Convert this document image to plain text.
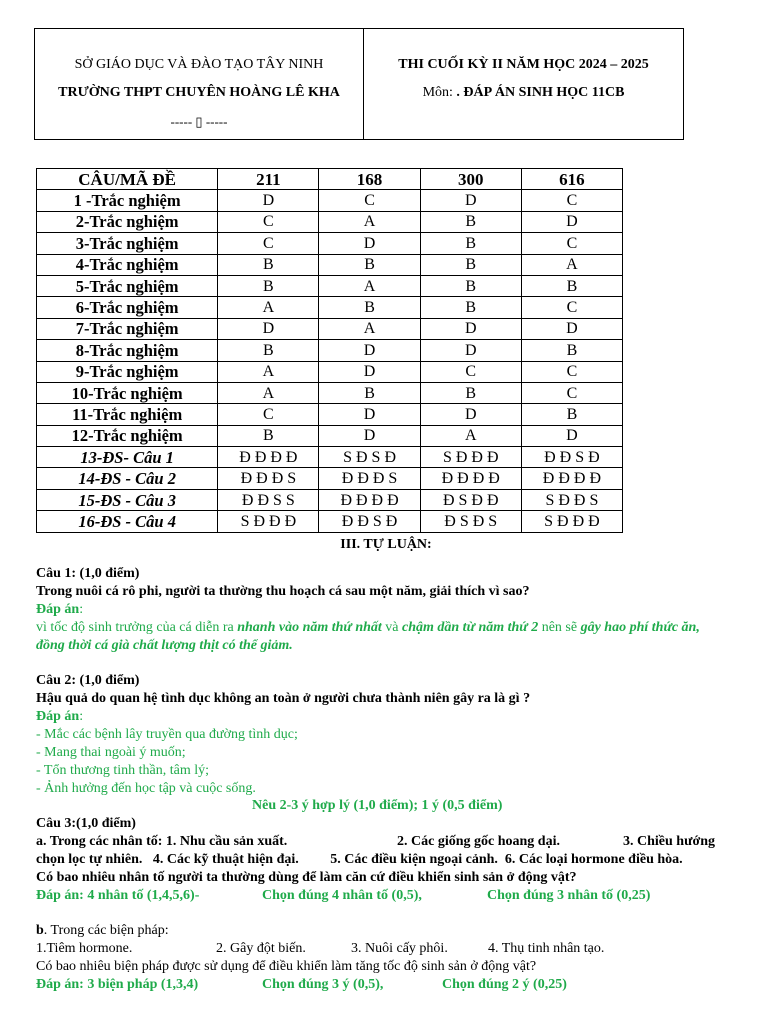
SỞ GIÁO DỤC VÀ ĐÀO TẠO TÂY NINH
TRƯỜNG THPT CHUYÊN HOÀNG LÊ KHA
----- ▯ -----
THI CUỐI KỲ II NĂM HỌC 2024 – 2025
Môn: . ĐÁP ÁN SINH HỌC 11CB
CÂU/MÃ ĐỀ	211	168	300	616
1 -Trắc nghiệm	D	C	D	C
2-Trắc nghiệm	C	A	B	D
3-Trắc nghiệm	C	D	B	C
4-Trắc nghiệm	B	B	B	A
5-Trắc nghiệm	B	A	B	B
6-Trắc nghiệm	A	B	B	C
7-Trắc nghiệm	D	A	D	D
8-Trắc nghiệm	B	D	D	B
9-Trắc nghiệm	A	D	C	C
10-Trắc nghiệm	A	B	B	C
11-Trắc nghiệm	C	D	D	B
12-Trắc nghiệm	B	D	A	D
13-ĐS- Câu 1	Đ Đ Đ Đ	S Đ S Đ	S Đ Đ Đ	Đ Đ S Đ
14-ĐS - Câu 2	Đ Đ Đ S	Đ Đ Đ S	Đ Đ Đ Đ	Đ Đ Đ Đ
15-ĐS - Câu 3	Đ Đ S S	Đ Đ Đ Đ	Đ S Đ Đ	S Đ Đ S
16-ĐS - Câu 4	S Đ Đ Đ	Đ Đ S Đ	Đ S Đ S	S Đ Đ Đ
III. TỰ LUẬN:
Câu 1: (1,0 điểm)
Trong nuôi cá rô phi, người ta thường thu hoạch cá sau một năm, giải thích vì sao?
Đáp án:
vì tốc độ sinh trưởng của cá diễn ra nhanh vào năm thứ nhất và chậm dần từ năm thứ 2 nên sẽ gây hao phí thức ăn, đồng thời cá già chất lượng thịt có thể giảm.
Câu 2: (1,0 điểm)
Hậu quả do quan hệ tình dục không an toàn ở người chưa thành niên gây ra là gì ?
Đáp án:
- Mắc các bệnh lây truyền qua đường tình dục;
- Mang thai ngoài ý muốn;
- Tổn thương tinh thần, tâm lý;
- Ảnh hưởng đến học tập và cuộc sống.
Nêu 2-3 ý hợp lý (1,0 điểm); 1 ý (0,5 điểm)
Câu 3:(1,0 điểm)
a. Trong các nhân tố: 1. Nhu cầu sản xuất.	2. Các giống gốc hoang dại.	3. Chiều hướng
chọn lọc tự nhiên.   4. Các kỹ thuật hiện đại.         5. Các điều kiện ngoại cảnh.  6. Các loại hormone điều hòa.
Có bao nhiêu nhân tố người ta thường dùng để làm căn cứ điều khiển sinh sản ở động vật?
Đáp án: 4 nhân tố (1,4,5,6)-	Chọn đúng 4 nhân tố (0,5),	Chọn đúng 3 nhân tố (0,25)
b. Trong các biện pháp:
1.Tiêm hormone.	2. Gây đột biến.	3. Nuôi cấy phôi.	4. Thụ tinh nhân tạo.
Có bao nhiêu biện pháp được sử dụng để điều khiển làm tăng tốc độ sinh sản ở động vật?
Đáp án: 3 biện pháp (1,3,4)	Chọn đúng 3 ý (0,5),	Chọn đúng 2 ý (0,25)
